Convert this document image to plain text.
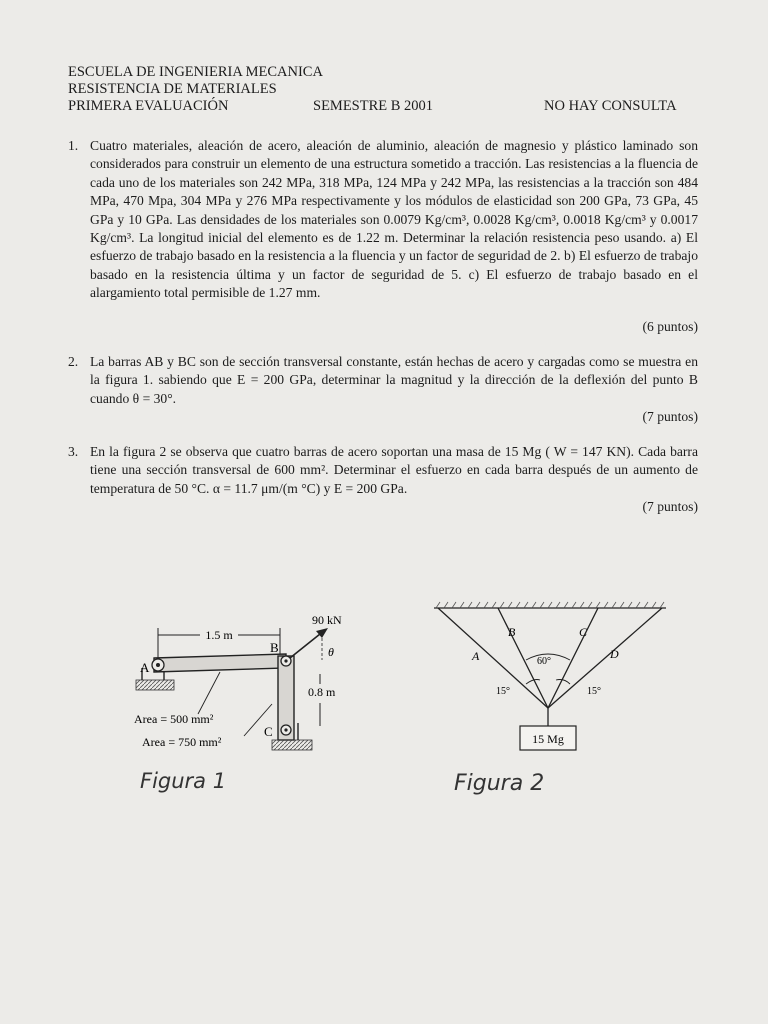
ESCUELA DE INGENIERIA MECANICA
RESISTENCIA DE MATERIALES
PRIMERA EVALUACIÓN	SEMESTRE B 2001	NO HAY CONSULTA
1. Cuatro materiales, aleación de acero, aleación de aluminio, aleación de magnesio y plástico laminado son considerados para construir un elemento de una estructura sometido a tracción. Las resistencias a la fluencia de cada uno de los materiales son 242 MPa, 318 MPa, 124 MPa y 242 MPa, las resistencias a la tracción son 484 MPa, 470 Mpa, 304 MPa y 276 MPa respectivamente y los módulos de elasticidad son 200 GPa, 73 GPa, 45 GPa y 10 GPa. Las densidades de los materiales son 0.0079 Kg/cm³, 0.0028 Kg/cm³, 0.0018 Kg/cm³ y 0.0017 Kg/cm³. La longitud inicial del elemento es de 1.22 m. Determinar la relación resistencia peso usando. a) El esfuerzo de trabajo basado en la resistencia a la fluencia y un factor de seguridad de 2. b) El esfuerzo de trabajo basado en la resistencia última y un factor de seguridad de 5. c) El esfuerzo de trabajo basado en el alargamiento total permisible de 1.27 mm.
(6 puntos)
2. La barras AB y BC son de sección transversal constante, están hechas de acero y cargadas como se muestra en la figura 1. sabiendo que E = 200 GPa, determinar la magnitud y la dirección de la deflexión del punto B cuando θ = 30°.
(7 puntos)
3. En la figura 2 se observa que cuatro barras de acero soportan una masa de 15 Mg ( W = 147 KN). Cada barra tiene una sección transversal de 600 mm². Determinar el esfuerzo en cada barra después de un aumento de temperatura de 50 °C. α = 11.7 μm/(m °C) y E = 200 GPa.
(7 puntos)
1.5 m
A
B
C
90 kN
θ
0.8 m
Area = 500 mm²
Area = 750 mm²
Figura 1
A
B	C
D
60°
15°	15°
15 Mg
Figura 2
